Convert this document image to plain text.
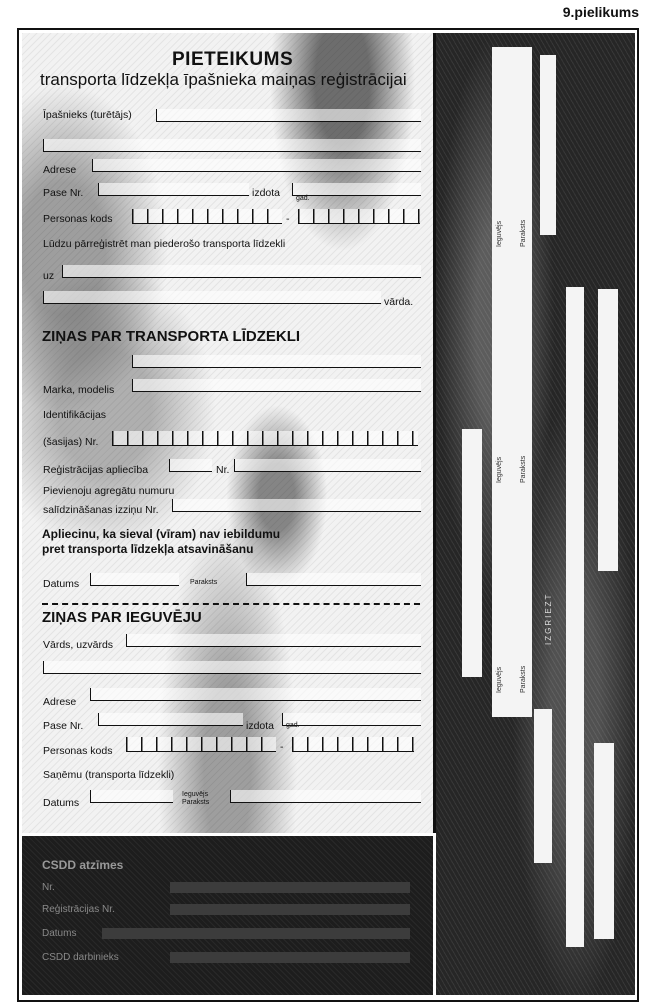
9.pielikums
PIETEIKUMS
transporta līdzekļa īpašnieka maiņas reģistrācijai
Īpašnieks (turētājs)
Adrese
Pase Nr.	izdota gad.
Personas kods	-
Lūdzu pārreģistrēt man piederošo transporta līdzekli
uz
vārda.
ZIŅAS PAR TRANSPORTA LĪDZEKLI
Marka, modelis
Identifikācijas
(šasijas) Nr.
Reģistrācijas apliecība	Nr.
Pievienoju agregātu numuru
salīdzināšanas izziņu Nr.
Apliecinu, ka sieval (vīram) nav iebildumu
pret transporta līdzekļa atsavināšanu
Datums	Paraksts
ZIŅAS PAR IEGUVĒJU
Vārds, uzvārds
Adrese
Pase Nr.	izdota gad.
Personas kods	-
Saņēmu (transporta līdzekli)
Datums
Ieguvējs
Paraksts
CSDD atzīmes
Nr.
Reģistrācijas Nr.
Datums
CSDD darbinieks
Ieguvējs Paraksts
Ieguvējs Paraksts
Ieguvējs Paraksts
IZGRIEZT
